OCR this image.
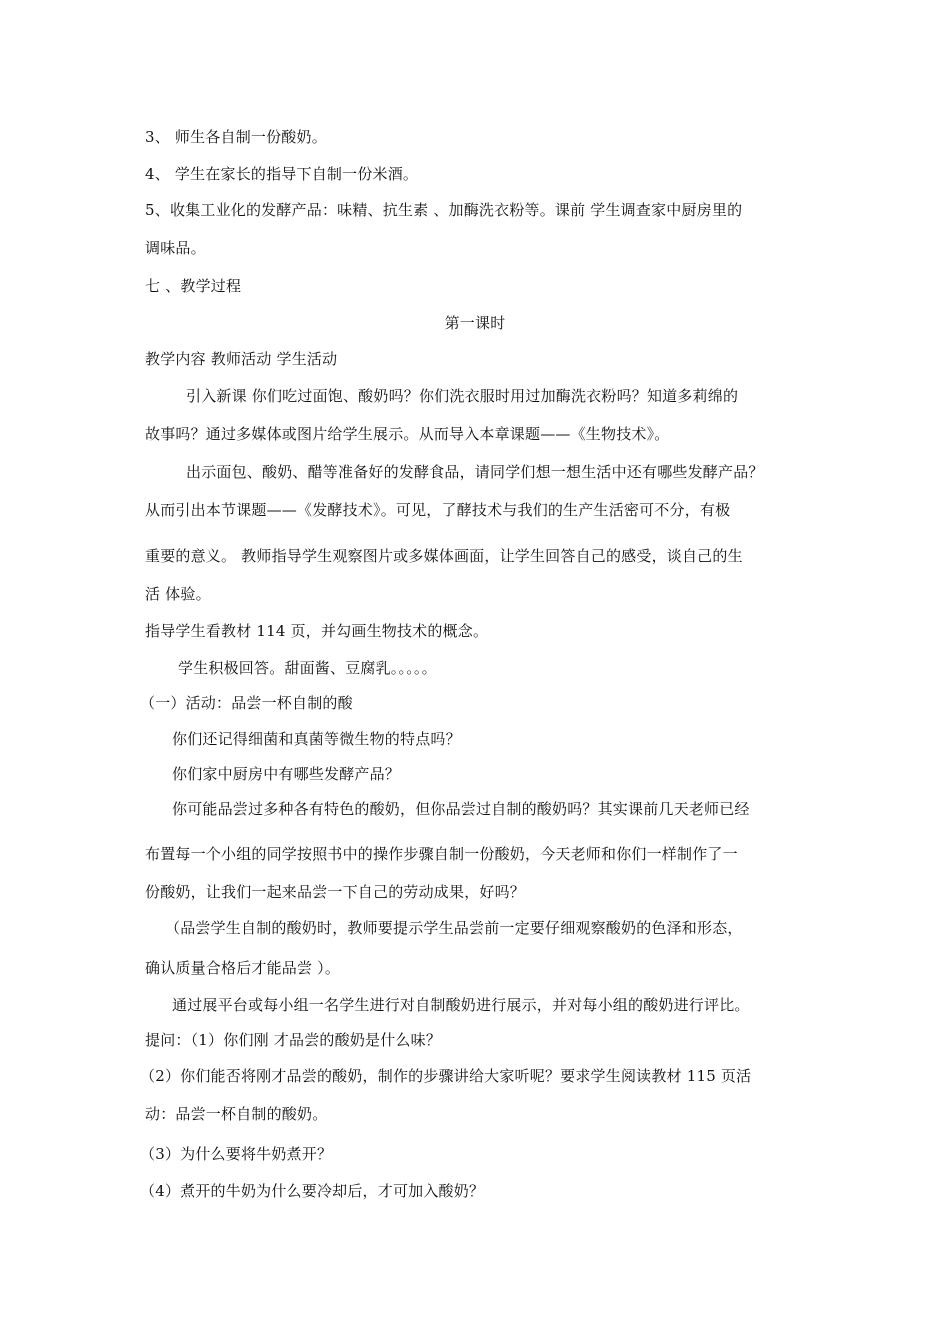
3、 师生各自制一份酸奶。
4、 学生在家长的指导下自制一份米酒。
5、收集工业化的发酵产品：味精、抗生素 、加酶洗衣粉等。课前 学生调查家中厨房里的
调味品。
七 、教学过程
第一课时
教学内容 教师活动 学生活动
引入新课 你们吃过面饱、酸奶吗？你们洗衣服时用过加酶洗衣粉吗？知道多莉绵的
故事吗？通过多媒体或图片给学生展示。从而导入本章课题——《生物技术》。
出示面包、酸奶、醋等准备好的发酵食品，请同学们想一想生活中还有哪些发酵产品？
从而引出本节课题——《发酵技术》。可见，了酵技术与我们的生产生活密可不分，有极
重要的意义。 教师指导学生观察图片或多媒体画面，让学生回答自己的感受，谈自己的生
活 体验。
指导学生看教材 114 页，并勾画生物技术的概念。
学生积极回答。甜面酱、豆腐乳。。。。。
（一）活动：品尝一杯自制的酸
你们还记得细菌和真菌等微生物的特点吗？
你们家中厨房中有哪些发酵产品？
你可能品尝过多种各有特色的酸奶，但你品尝过自制的酸奶吗？其实课前几天老师已经
布置每一个小组的同学按照书中的操作步骤自制一份酸奶，今天老师和你们一样制作了一
份酸奶，让我们一起来品尝一下自己的劳动成果，好吗？
（品尝学生自制的酸奶时，教师要提示学生品尝前一定要仔细观察酸奶的色泽和形态，
确认质量合格后才能品尝 ）。
通过展平台或每小组一名学生进行对自制酸奶进行展示，并对每小组的酸奶进行评比。
提问：（1）你们刚 才品尝的酸奶是什么味？
（2）你们能否将刚才品尝的酸奶，制作的步骤讲给大家听呢？要求学生阅读教材 115 页活
动：品尝一杯自制的酸奶。
（3）为什么要将牛奶煮开？
（4）煮开的牛奶为什么要冷却后，才可加入酸奶？
